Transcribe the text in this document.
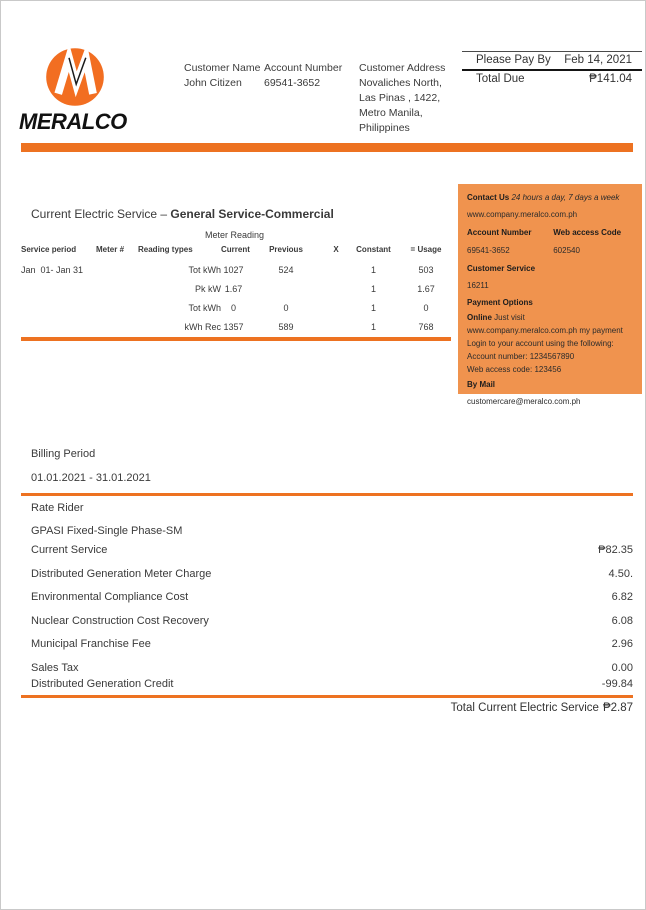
MERALCO
Customer Name
John Citizen
Account Number
69541-3652
Customer Address
Novaliches North,
Las Pinas , 1422,
Metro Manila,
Philippines
Please Pay By Feb 14, 2021
Total Due	₱141.04
Contact Us 24 hours a day, 7 days a week
www.company.meralco.com.ph
Account Number	Web access Code
69541-3652	602540
Customer Service
16211
Payment Options
Online Just visit
www.company.meralco.com.ph my payment
Login to your account using the following:
Account number: 1234567890
Web access code: 123456
By Mail
customercare@meralco.com.ph
Current Electric Service – General Service-Commercial
Meter Reading
Service period	Meter #	Reading types	Current	Previous	X	Constant	= Usage
Jan  01- Jan 31		Tot kWh	1027	524		1	503
		Pk kW	1.67			1	1.67
		Tot kWh	0	0		1	0
		kWh Rec	1357	589		1	768
Billing Period
01.01.2021 - 31.01.2021
Rate Rider
GPASI Fixed-Single Phase-SM
Current Service	₱82.35
Distributed Generation Meter Charge	4.50.
Environmental Compliance Cost	6.82
Nuclear Construction Cost Recovery	6.08
Municipal Franchise Fee	2.96
Sales Tax	0.00
Distributed Generation Credit	-99.84
Total Current Electric Service ₱2.87
